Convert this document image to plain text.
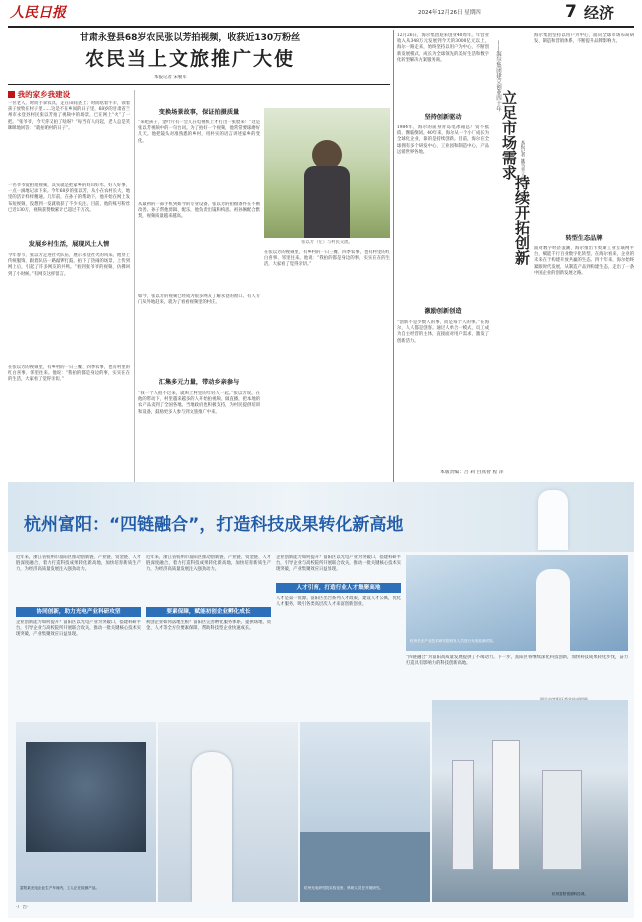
人民日报	2024年12月26日 星期四	7 经济
甘肃永登县68岁农民张以芳拍视频，收获近130万粉丝
农民当上文旅推广大使
本报记者 宋朝军
我的家乡我建设
一位老人，时而手拿农具，走在田间垄上；时而吆着牛羊，领着孩子放牧在村子里……这是不在乡间的日子里，68岁的甘肃省兰州市永登县村民张以芳拍了视频中的场景，已在网上“火”了一把。“张爷爷，今天你又拍了啥呀？”每当有人问起，老人总是笑眯眯地回答：“就拍咱村的日子”。
一名爷爷爱拍短视频，其实就是把家乡的好山好水、好人好事，一点一滴地记录下来。今年68岁的张以芳，从小在农村长大，地里的活计样样精通。几年前，在孙子的帮助下，他开始在网上发布短视频，没想到一发就收获了不少关注。目前，他的账号粉丝已近130万，视频获赞数累计已超过千万次。
发展乡村生活，展现风土人情
今年春节，张以芳走进社火队伍，展示永登社火的风采。他穿上传统服饰，跟着队伍一路敲锣打鼓，拍下了热闹的场景，上传到网上后，引起了许多网友的共鸣。“看到张爷爷的视频，仿佛回到了小时候。”有网友这样留言。
在张以芳的视频里，有乡村的一日三餐、四季农事，也有村里的红白喜事、邻里往来。他说：“我拍的都是身边的事，实实在在的生活，大家看了觉得亲切。”
变换场景故事，保证拍摄质量
“来吧孩子，金叶片有一会儿在电视机上才打出一张脸来！”这是张以芳视频中的一句台词。为了拍好一个视频，他常常要琢磨好几天。他把镜头对准熟悉的乡村，用朴实的语言讲述家乡的变化。
从最初的一部手机到如今的专业设备，张以芳的拍摄条件在不断改善。孙子帮他剪辑、配乐，他负责出镜和构思。祖孙俩配合默契，视频质量越来越高。
如今，张以芳的视频已经成为很多网友了解永登的窗口。有人专门从外地赶来，就为了看看视频里的村庄。
汇集多元力量，带动乡亲参与
“我一个人拍不过来，就叫上村里的年轻人一起。”张以芳说。在他的带动下，村里越来越多的人开始拍视频、做直播，把本地的农产品卖到了全国各地。当地政府也积极支持，为村民提供培训和设备，鼓励更多人参与到文旅推广中来。
张以芳（左）与村民交流。
在张以芳的视频里，有乡村的一日三餐、四季农事，也有村里的红白喜事、邻里往来。他说：“我拍的都是身边的事，实实在在的生活，大家看了觉得亲切。”
12月26日，海尔集团迎来创业40周年。年营业收入从348万元发展到今天的3000亿元以上，海尔一路走来，始终坚持以用户为中心，不断创新发展模式，成长为全球领先的美好生活和数字化转型解决方案服务商。
坚持创新驱动
1984年，海尔的前身青岛电冰箱总厂资不抵债、濒临倒闭。40年来，海尔从一个小厂成长为全球化企业，靠的是持续创新。目前，海尔在全球拥有多个研发中心、工业园和制造中心，产品远销世界各地。
激励创新创造
“创新不是少数人的事，而是每个人的事。”在海尔，人人都是创客。通过人单合一模式，员工成为自主经营的主体，直接面对用户需求，激发了创新活力。
立足市场需求
持续开拓创新
——海尔集团建立创业四十年
本报记者 姚雪青 王沛
海尔集团坚持以用户为中心，面向全球市场布局研发、制造和营销体系，不断提升品牌影响力。
转型生态品牌
面对数字经济浪潮，海尔推出卡奥斯工业互联网平台，赋能千行百业数字化转型。在海尔看来，企业的未来在于构建开放共赢的生态。四十年来，海尔始终紧跟时代发展，从制造产品到构建生态，走出了一条中国企业的创新发展之路。
本版责编：吕 莉 白真智 程 萍
杭州富阳：“四链融合”，打造科技成果转化新高地
近年来，浙江省杭州市富阳区推动创新链、产业链、资金链、人才链深度融合，着力打造科技成果转化新高地，加快培育新质生产力，为经济高质量发展注入强劲动力。
协同创新，助力光电产业科研攻坚
企业创新能力如何提升？富阳区以光电产业为突破口，搭建科研平台，引导企业与高校院所开展联合攻关，推动一批关键核心技术实现突破，产业集聚效应日益显现。
近年来，浙江省杭州市富阳区推动创新链、产业链、资金链、人才链深度融合，着力打造科技成果转化新高地，加快培育新质生产力，为经济高质量发展注入强劲动力。
要素保障，赋能初创企业孵化成长
初创企业如何落地生根？富阳区完善孵化服务体系，提供场地、资金、人才等全方位要素保障，帮助科技型企业快速成长。
企业创新能力如何提升？富阳区以光电产业为突破口，搭建科研平台，引导企业与高校院所开展联合攻关，推动一批关键核心技术实现突破，产业集聚效应日益显现。
人才引育，打造行业人才集聚高地
人才是第一资源。富阳区出台系列人才政策，建设人才公寓，优化人才服务，吸引各类高层次人才来富创新创业。
杭州长光产业技术研究院研发人员进行光电检测试验。
“四链融合”为富阳高质量发展提供了不竭动力。下一步，富阳区将继续深化科技创新，加快科技成果转化步伐，奋力打造具有影响力的科技创新高地。
富阳某光电企业生产车间内，工人正在检测产品。	杭州光电研究院实验室里，科研人员在开展研究。
杭州富阳银湖科技城。
·广告·
